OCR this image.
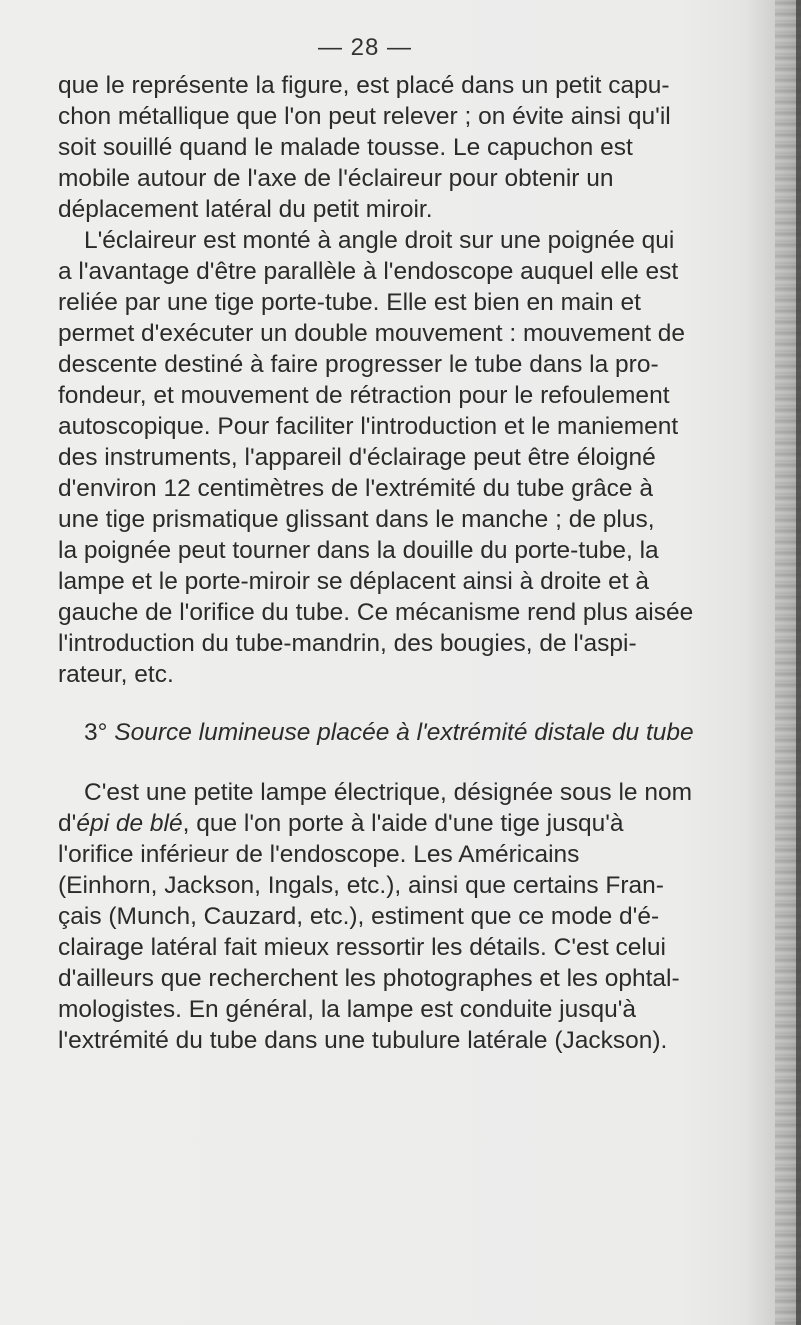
— 28 —
que le représente la figure, est placé dans un petit capu-
chon métallique que l'on peut relever ; on évite ainsi qu'il
soit souillé quand le malade tousse. Le capuchon est
mobile autour de l'axe de l'éclaireur pour obtenir un
déplacement latéral du petit miroir.
L'éclaireur est monté à angle droit sur une poignée qui
a l'avantage d'être parallèle à l'endoscope auquel elle est
reliée par une tige porte-tube. Elle est bien en main et
permet d'exécuter un double mouvement : mouvement de
descente destiné à faire progresser le tube dans la pro-
fondeur, et mouvement de rétraction pour le refoulement
autoscopique. Pour faciliter l'introduction et le maniement
des instruments, l'appareil d'éclairage peut être éloigné
d'environ 12 centimètres de l'extrémité du tube grâce à
une tige prismatique glissant dans le manche ; de plus,
la poignée peut tourner dans la douille du porte-tube, la
lampe et le porte-miroir se déplacent ainsi à droite et à
gauche de l'orifice du tube. Ce mécanisme rend plus aisée
l'introduction du tube-mandrin, des bougies, de l'aspi-
rateur, etc.
3° Source lumineuse placée à l'extrémité distale du tube
C'est une petite lampe électrique, désignée sous le nom
d'épi de blé, que l'on porte à l'aide d'une tige jusqu'à
l'orifice inférieur de l'endoscope. Les Américains
(Einhorn, Jackson, Ingals, etc.), ainsi que certains Fran-
çais (Munch, Cauzard, etc.), estiment que ce mode d'é-
clairage latéral fait mieux ressortir les détails. C'est celui
d'ailleurs que recherchent les photographes et les ophtal-
mologistes. En général, la lampe est conduite jusqu'à
l'extrémité du tube dans une tubulure latérale (Jackson).
